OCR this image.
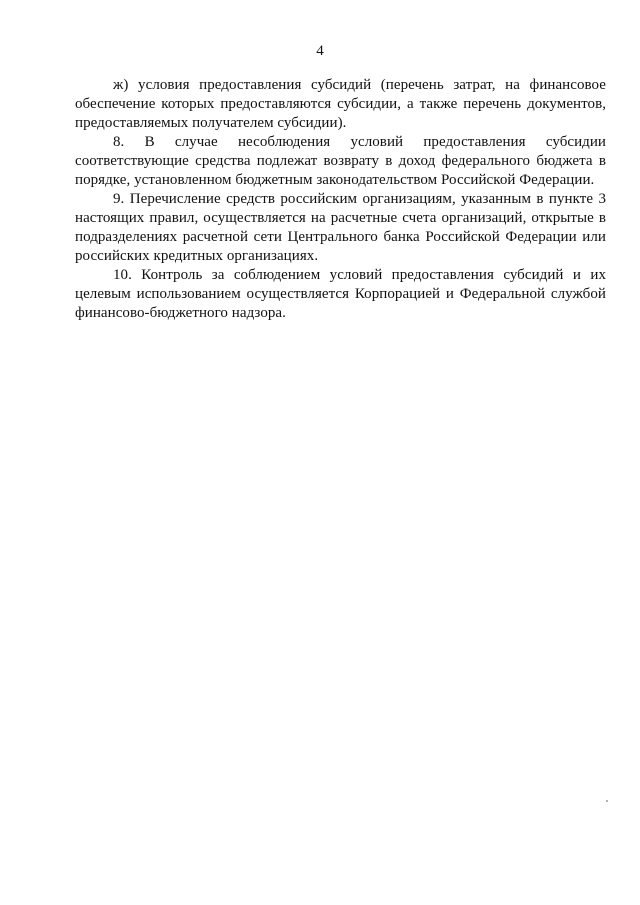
4

ж) условия предоставления субсидий (перечень затрат, на финансовое обеспечение которых предоставляются субсидии, а также перечень документов, предоставляемых получателем субсидии).

8. В случае несоблюдения условий предоставления субсидии соответствующие средства подлежат возврату в доход федерального бюджета в порядке, установленном бюджетным законодательством Российской Федерации.

9. Перечисление средств российским организациям, указанным в пункте 3 настоящих правил, осуществляется на расчетные счета организаций, открытые в подразделениях расчетной сети Центрального банка Российской Федерации или российских кредитных организациях.

10. Контроль за соблюдением условий предоставления субсидий и их целевым использованием осуществляется Корпорацией и Федеральной службой финансово-бюджетного надзора.
